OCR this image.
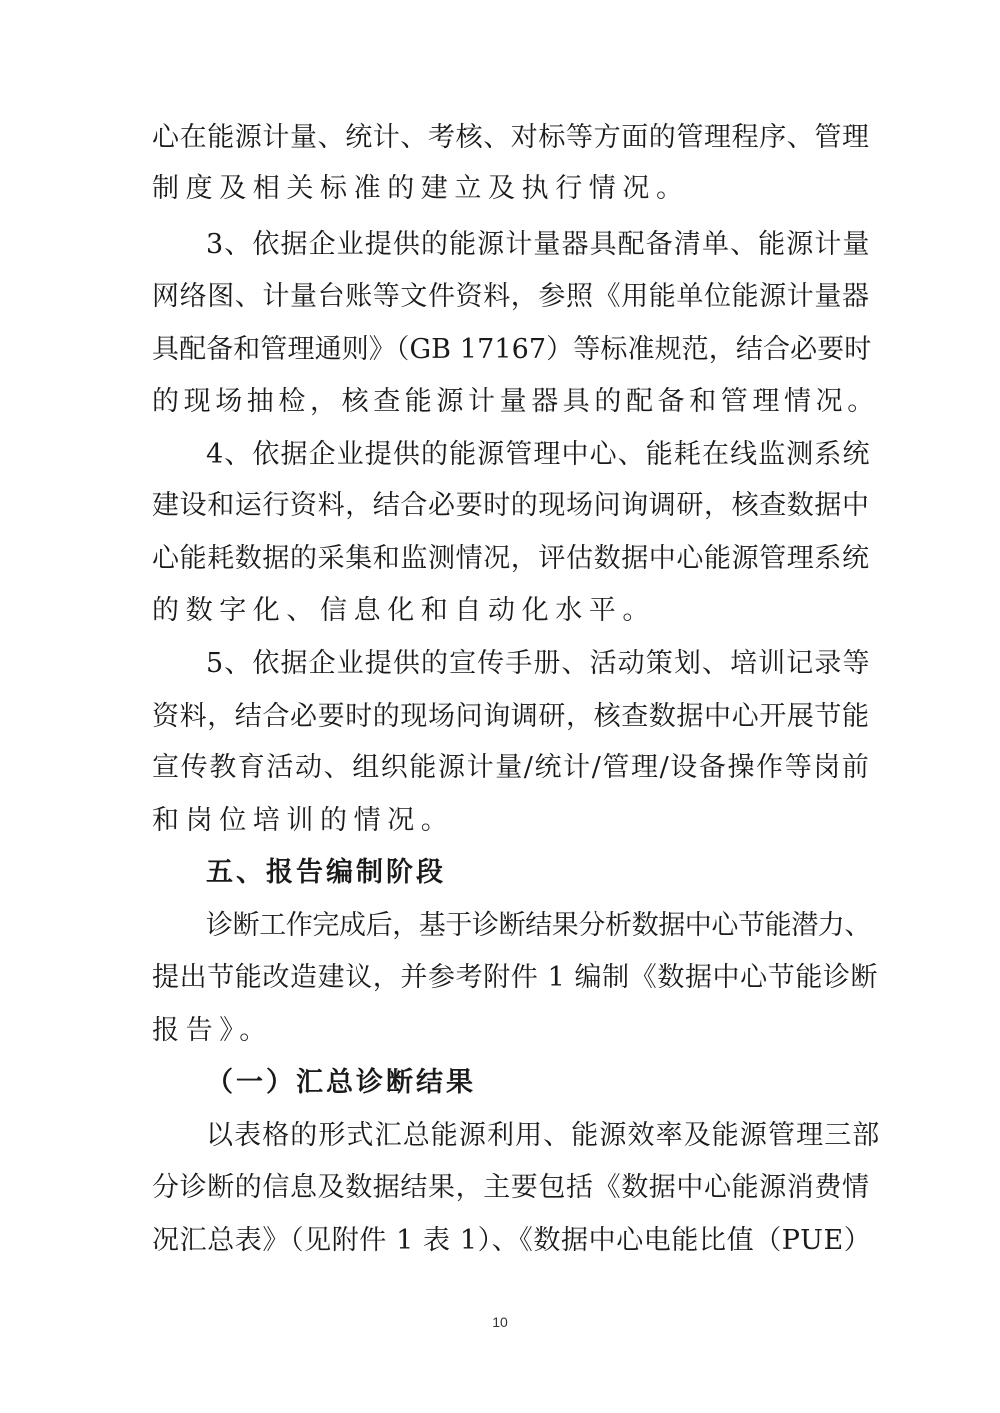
心在能源计量、统计、考核、对标等方面的管理程序、管理
制度及相关标准的建立及执行情况。
3、依据企业提供的能源计量器具配备清单、能源计量
网络图、计量台账等文件资料，参照《用能单位能源计量器
具配备和管理通则》（GB 17167）等标准规范，结合必要时
的现场抽检，核查能源计量器具的配备和管理情况。
4、依据企业提供的能源管理中心、能耗在线监测系统
建设和运行资料，结合必要时的现场问询调研，核查数据中
心能耗数据的采集和监测情况，评估数据中心能源管理系统
的数字化、信息化和自动化水平。
5、依据企业提供的宣传手册、活动策划、培训记录等
资料，结合必要时的现场问询调研，核查数据中心开展节能
宣传教育活动、组织能源计量/统计/管理/设备操作等岗前
和岗位培训的情况。
五、报告编制阶段
诊断工作完成后，基于诊断结果分析数据中心节能潜力、
提出节能改造建议，并参考附件 1 编制《数据中心节能诊断
报告》。
（一）汇总诊断结果
以表格的形式汇总能源利用、能源效率及能源管理三部
分诊断的信息及数据结果，主要包括《数据中心能源消费情
况汇总表》（见附件 1 表 1）、《数据中心电能比值（PUE）
10
